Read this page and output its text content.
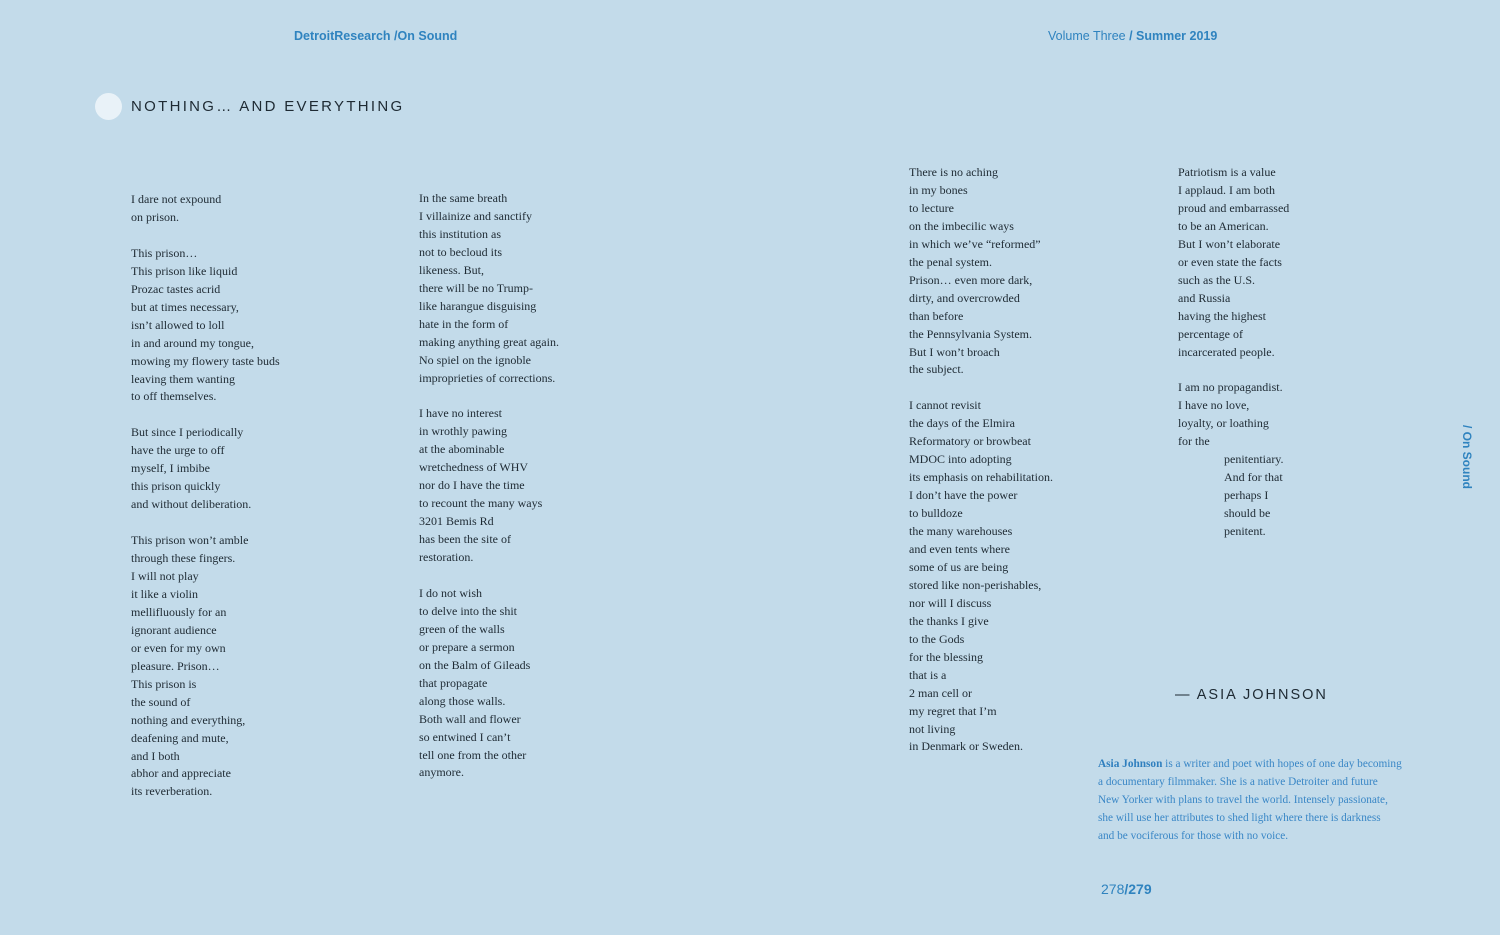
DetroitResearch /On Sound	Volume Three / Summer 2019
NOTHING… AND EVERYTHING
I dare not expound
on prison.
This prison…
This prison like liquid
Prozac tastes acrid
but at times necessary,
isn’t allowed to loll
in and around my tongue,
mowing my flowery taste buds
leaving them wanting
to off themselves.
But since I periodically
have the urge to off
myself, I imbibe
this prison quickly
and without deliberation.
This prison won’t amble
through these fingers.
I will not play
it like a violin
mellifluously for an
ignorant audience
or even for my own
pleasure. Prison…
This prison is
the sound of
nothing and everything,
deafening and mute,
and I both
abhor and appreciate
its reverberation.
In the same breath
I villainize and sanctify
this institution as
not to becloud its
likeness. But,
there will be no Trump-
like harangue disguising
hate in the form of
making anything great again.
No spiel on the ignoble
improprieties of corrections.
I have no interest
in wrothly pawing
at the abominable
wretchedness of WHV
nor do I have the time
to recount the many ways
3201 Bemis Rd
has been the site of
restoration.
I do not wish
to delve into the shit
green of the walls
or prepare a sermon
on the Balm of Gileads
that propagate
along those walls.
Both wall and flower
so entwined I can’t
tell one from the other
anymore.
There is no aching
in my bones
to lecture
on the imbecilic ways
in which we’ve “reformed”
the penal system.
Prison… even more dark,
dirty, and overcrowded
than before
the Pennsylvania System.
But I won’t broach
the subject.
I cannot revisit
the days of the Elmira
Reformatory or browbeat
MDOC into adopting
its emphasis on rehabilitation.
I don’t have the power
to bulldoze
the many warehouses
and even tents where
some of us are being
stored like non-perishables,
nor will I discuss
the thanks I give
to the Gods
for the blessing
that is a
2 man cell or
my regret that I’m
not living
in Denmark or Sweden.
Patriotism is a value
I applaud. I am both
proud and embarrassed
to be an American.
But I won’t elaborate
or even state the facts
such as the U.S.
and Russia
having the highest
percentage of
incarcerated people.
I am no propagandist.
I have no love,
loyalty, or loathing
for the
penitentiary.
And for that
perhaps I
should be
penitent.
— ASIA JOHNSON
Asia Johnson is a writer and poet with hopes of one day becoming
a documentary filmmaker. She is a native Detroiter and future
New Yorker with plans to travel the world. Intensely passionate,
she will use her attributes to shed light where there is darkness
and be vociferous for those with no voice.
278/279
/ On Sound
